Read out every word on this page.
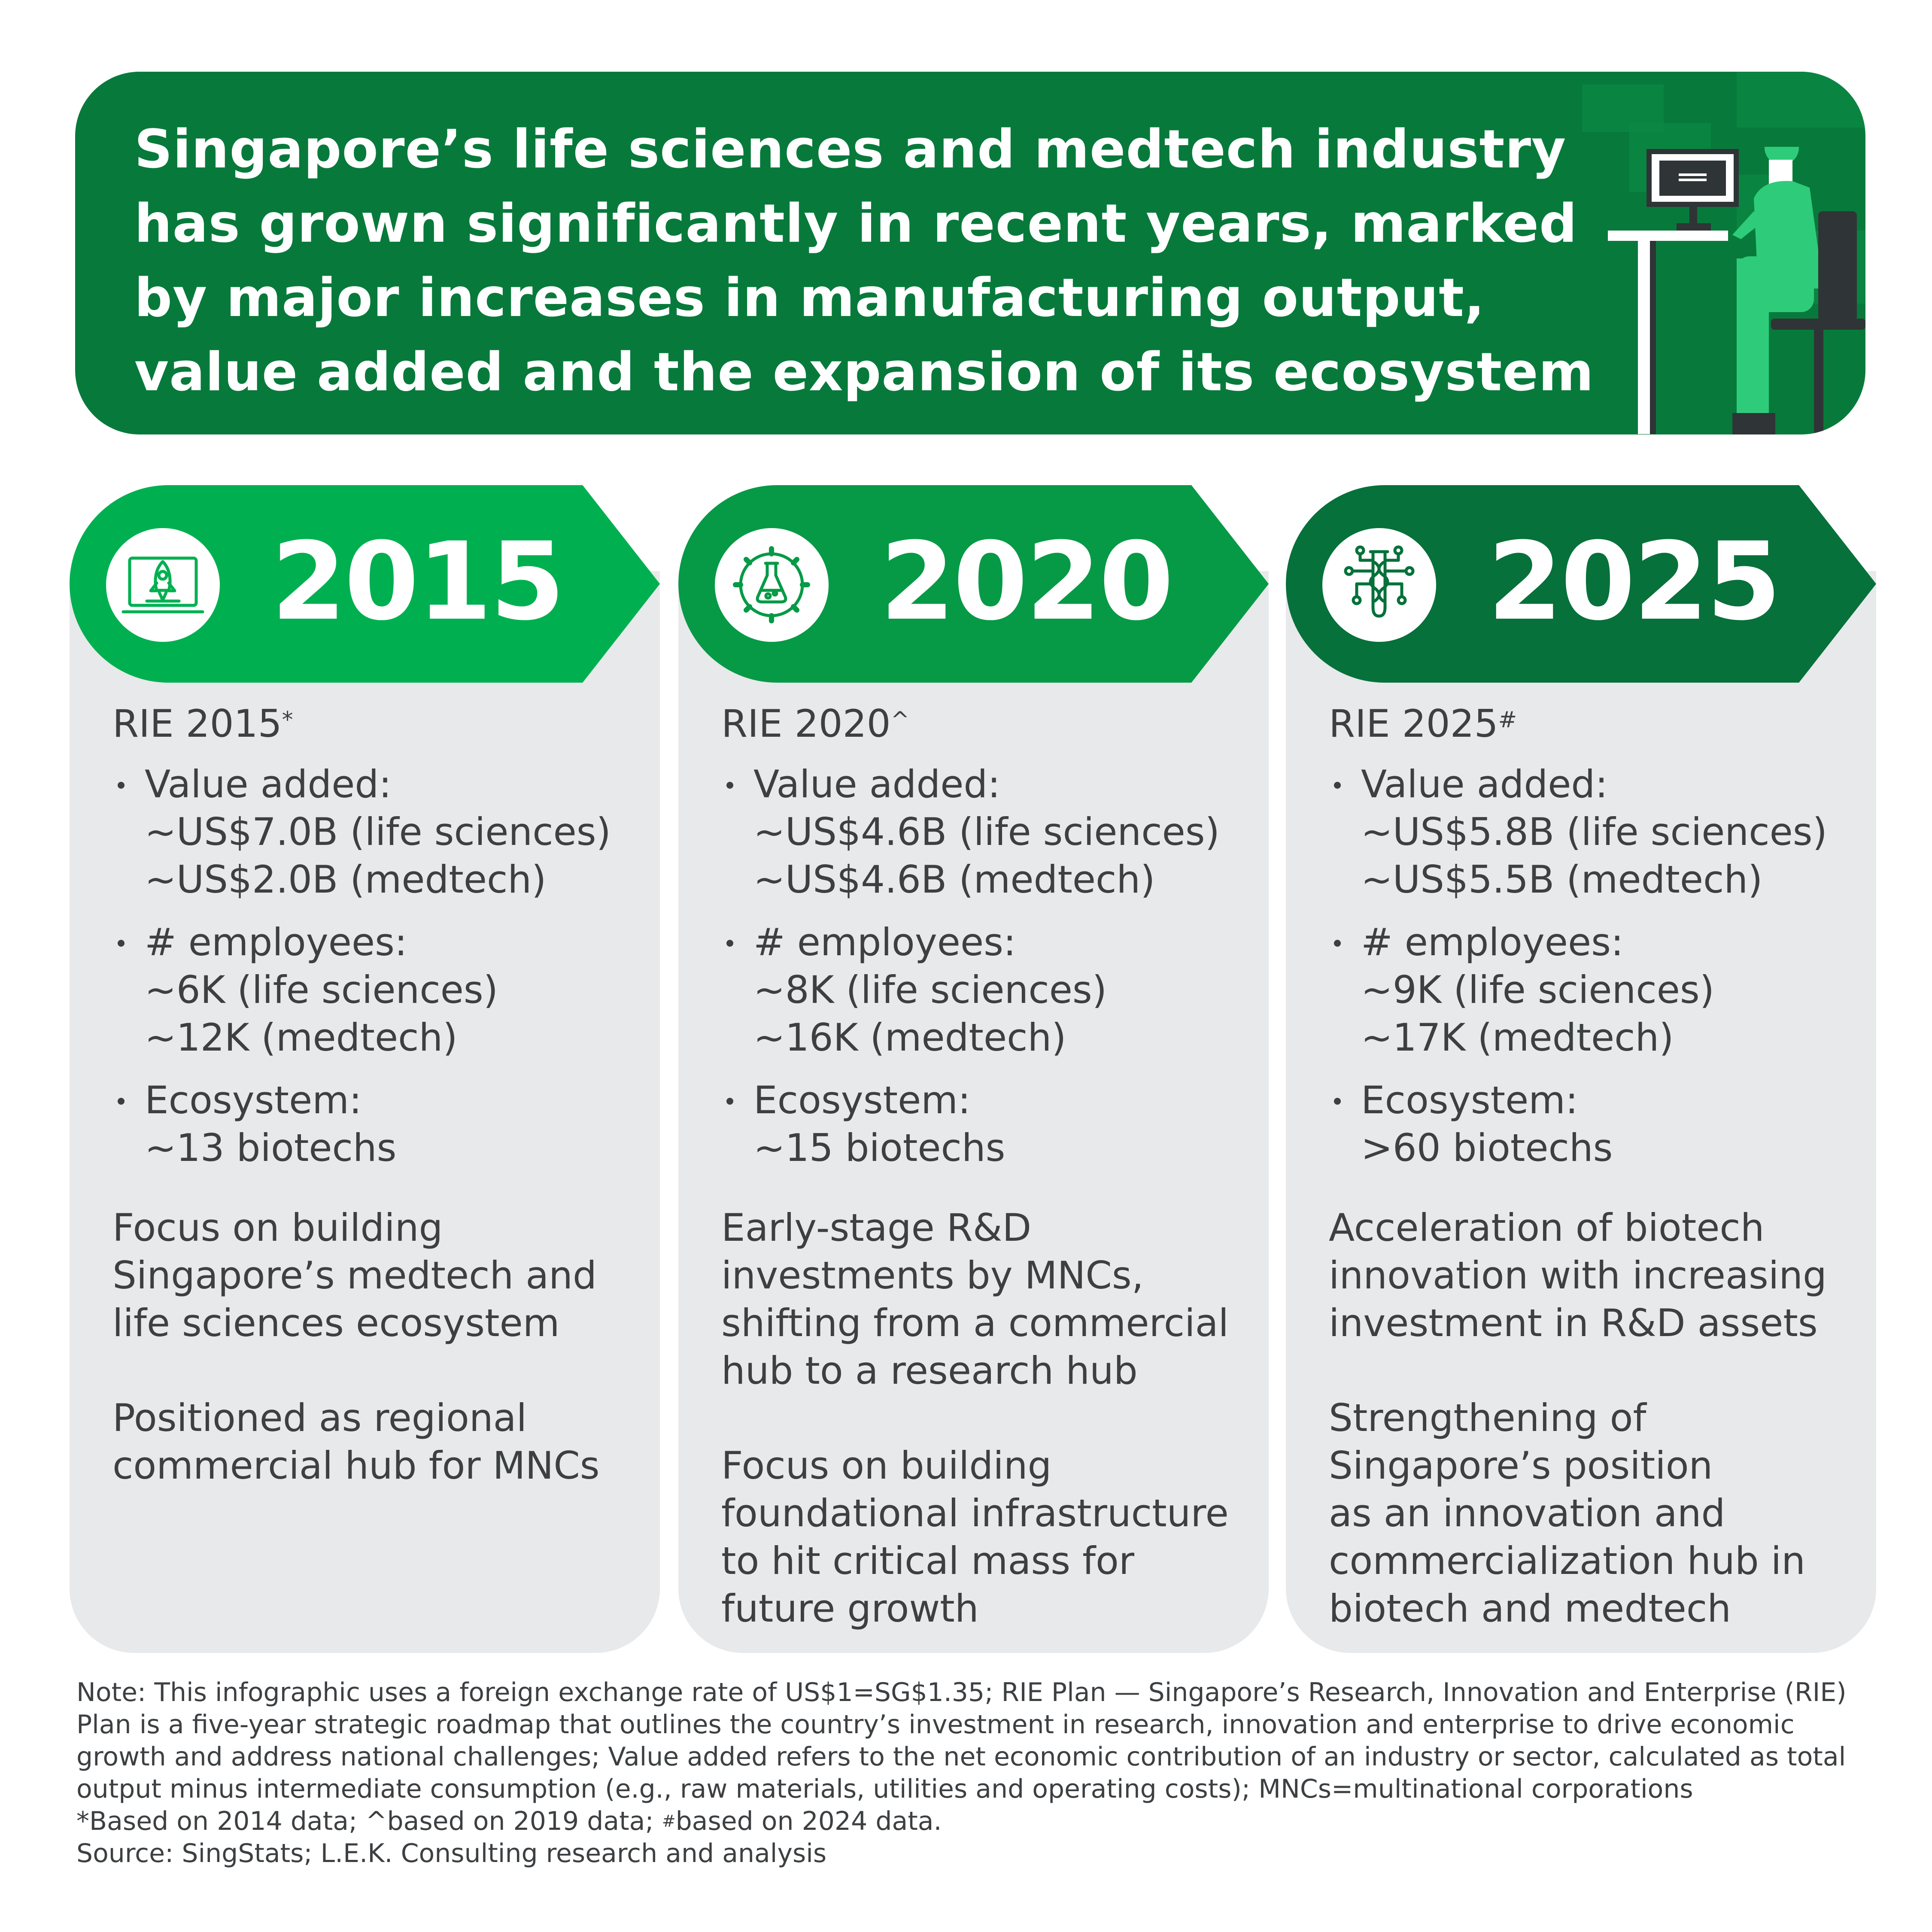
Singapore’s life sciences and medtech industry has grown significantly in recent years, marked by major increases in manufacturing output, value added and the expansion of its ecosystem

2015

RIE 2015*

Value added:
~US$7.0B (life sciences)
~US$2.0B (medtech)
# employees:
~6K (life sciences)
~12K (medtech)
Ecosystem:
~13 biotechs

Focus on building
Singapore’s medtech and
life sciences ecosystem

Positioned as regional
commercial hub for MNCs

2020

RIE 2020^

Value added:
~US$4.6B (life sciences)
~US$4.6B (medtech)
# employees:
~8K (life sciences)
~16K (medtech)
Ecosystem:
~15 biotechs

Early-stage R&D
investments by MNCs,
shifting from a commercial
hub to a research hub

Focus on building
foundational infrastructure
to hit critical mass for
future growth

2025

RIE 2025#

Value added:
~US$5.8B (life sciences)
~US$5.5B (medtech)
# employees:
~9K (life sciences)
~17K (medtech)
Ecosystem:
>60 biotechs

Acceleration of biotech
innovation with increasing
investment in R&D assets

Strengthening of
Singapore’s position
as an innovation and
commercialization hub in
biotech and medtech

Note: This infographic uses a foreign exchange rate of US$1=SG$1.35; RIE Plan — Singapore’s Research, Innovation and Enterprise (RIE)

Plan is a five-year strategic roadmap that outlines the country’s investment in research, innovation and enterprise to drive economic

growth and address national challenges; Value added refers to the net economic contribution of an industry or sector, calculated as total

output minus intermediate consumption (e.g., raw materials, utilities and operating costs); MNCs=multinational corporations

*Based on 2014 data; ^based on 2019 data; #based on 2024 data.

Source: SingStats; L.E.K. Consulting research and analysis
